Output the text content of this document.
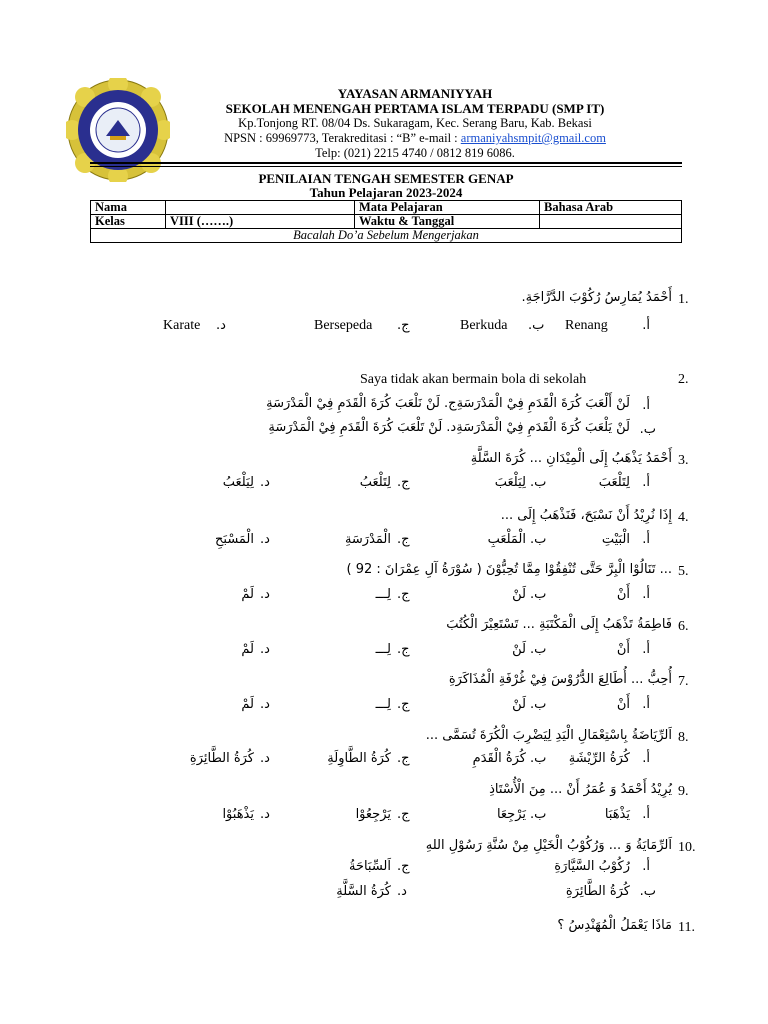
YAYASAN ARMANIYYAH
SEKOLAH MENENGAH PERTAMA ISLAM TERPADU (SMP IT)
Kp.Tonjong RT. 08/04 Ds. Sukaragam, Kec. Serang Baru, Kab. Bekasi
NPSN : 69969773, Terakreditasi : “B” e-mail : armaniyahsmpit@gmail.com
Telp: (021) 2215 4740 / 0812 819 6086.
PENILAIAN TENGAH SEMESTER GENAP
Tahun Pelajaran 2023-2024
Nama		Mata Pelajaran	Bahasa Arab
Kelas	VIII (…….)	Waktu & Tanggal	
Bacalah Do’a Sebelum Mengerjakan			
1.
أَحْمَدُ يُمَارِسُ رُكُوْبَ الدَّرَّاجَةِ.
أ.
Renang
ب.
Berkuda
ج.
Bersepeda
د.
Karate
2.
Saya tidak akan bermain bola di sekolah
أ.
لَنْ أَلْعَبَ كُرَةَ الْقَدَمِ فِيْ الْمَدْرَسَةِج. لَنْ نَلْعَبَ كُرَةَ الْقَدَمِ فِيْ الْمَدْرَسَةِ
ب.
لَنْ يَلْعَبَ كُرَةَ الْقَدَمِ فِيْ الْمَدْرَسَةِد. لَنْ تَلْعَبَ كُرَةَ الْقَدَمِ فِيْ الْمَدْرَسَةِ
3.
أَحْمَدُ يَذْهَبُ إِلَى الْمِيْدَانِ ... كُرَةَ السَّلَّةِ
أ.
لِتَلْعَبَ
ب.
لِيَلْعَبَ
ج.
لِتَلْعَبُ
د.
لِيَلْعَبُ
4.
إِذَا نُرِيْدُ أَنْ نَسْبَحَ، فَنَذْهَبُ إِلَى ...
أ.
الْبَيْتِ
ب.
الْمَلْعَبِ
ج.
الْمَدْرَسَةِ
د.
الْمَسْبَحِ
5.
... تَنَالُوْا الْبِرَّ حَتَّى تُنْفِقُوْا مِمَّا تُحِبُّوْنَ ( سُوْرَةُ آلِ عِمْرَانَ : 92 )
أ.
أَنْ
ب.
لَنْ
ج.
لِـــ
د.
لَمْ
6.
فَاطِمَةُ تَذْهَبُ إِلَى الْمَكْتَبَةِ ... تَسْتَعِيْرَ الْكُتُبَ
أ.
أَنْ
ب.
لَنْ
ج.
لِـــ
د.
لَمْ
7.
أُحِبُّ ... أُطَالِعَ الدُّرُوْسَ فِيْ غُرْفَةِ الْمُذَاكَرَةِ
أ.
أَنْ
ب.
لَنْ
ج.
لِـــ
د.
لَمْ
8.
اَلرِّيَاضَةُ بِاسْتِعْمَالِ الْيَدِ لِيَضْرِبَ الْكُرَةَ تُسَمَّى ...
أ.
كُرَةُ الرِّيْشَةِ
ب.
كُرَةُ الْقَدَمِ
ج.
كُرَةُ الطَّاوِلَةِ
د.
كُرَةُ الطَّائِرَةِ
9.
يُرِيْدُ أَحْمَدُ وَ عُمَرُ أَنْ ... مِنَ الْأُسْتَاذِ
أ.
يَذْهَبَا
ب.
يَرْجِعَا
ج.
يَرْجِعُوْا
د.
يَذْهَبُوْا
10.
اَلرِّمَايَةُ وَ ... وَرُكُوْبُ الْخَيْلِ مِنْ سُنَّةِ رَسُوْلِ اللهِ
أ.
رُكُوْبُ السَّيَّارَةِ
ج.
اَلسِّبَاحَةُ
ب.
كُرَةُ الطَّائِرَةِ
د.
كُرَةُ السَّلَّةِ
11.
مَاذَا يَعْمَلُ الْمُهَنْدِسُ ؟
